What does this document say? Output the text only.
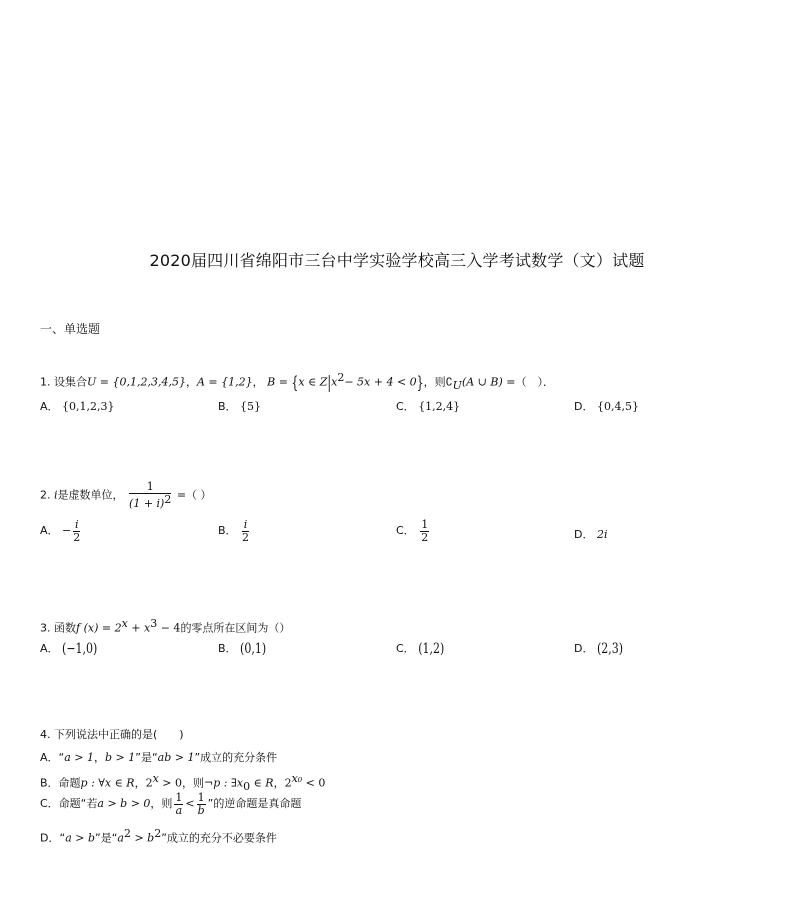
2020届四川省绵阳市三台中学实验学校高三入学考试数学（文）试题
一、单选题
1. 设集合U = {0,1,2,3,4,5}，A = {1,2}， B = {x ∈ $Z|x^2- 5x + 4 < 0$}，则$∁_U(A$ ∪ B) =（　）．
A． {0,1,2,3}	B． {5}	C． {1,2,4}	D． {0,4,5}
2. i是虚数单位， $\frac{1}{(1 + i)^2}$ =（ ）
A． − $\frac{i}{2}$	B． $\frac{i}{2}$	C． $\frac{1}{2}$	D． 2i
3. 函数f $(x) = 2^x + x^3 - 4$的零点所在区间为（）
A． (−1,0)	B． (0,1)	C． (1,2)	D． (2,3)
4. 下列说法中正确的是(　　)
A．“a > 1，b > 1”是“ab > 1”成立的充分条件
B．命题p : ∀x ∈ R，$2^x > 0$，则¬p : $\exists x_0$ ∈ R，$2^{x_0} < 0$
C．命题“若a > b > 0，则 $\frac{1}{a} < \frac{1}{b}$ ”的逆命题是真命题
D．“a > b”是“$a^2 > b^2$”成立的充分不必要条件
